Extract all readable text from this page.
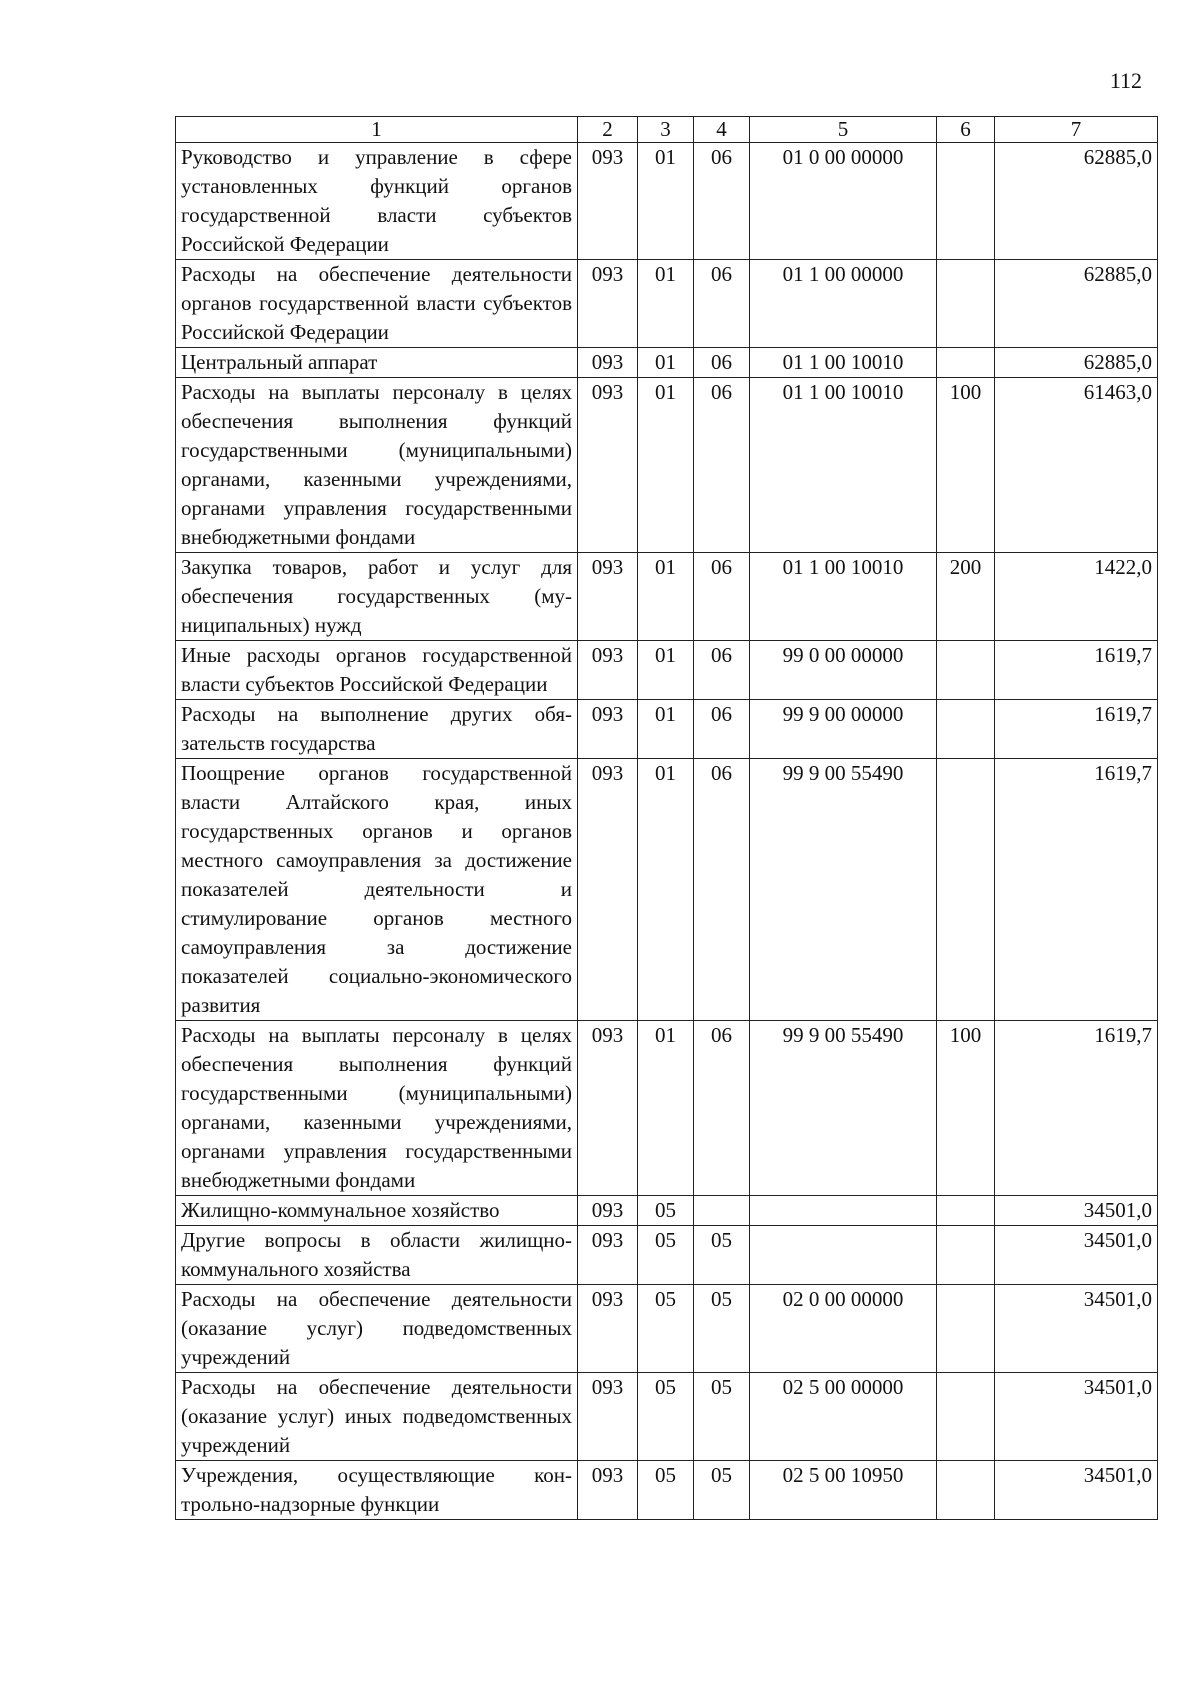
112
1	2	3	4	5	6	7
Руководство и управление в сфере установленных функций органов государственной власти субъектов Российской Федерации	093	01	06	01 0 00 00000		62885,0
Расходы на обеспечение деятельности органов государственной власти субъектов Российской Федерации	093	01	06	01 1 00 00000		62885,0
Центральный аппарат	093	01	06	01 1 00 10010		62885,0
Расходы на выплаты персоналу в целях обеспечения выполнения функций государственными (муниципальными) органами, казенными учреждениями, органами управления государственными внебюджетными фондами	093	01	06	01 1 00 10010	100	61463,0
Закупка товаров, работ и услуг для обеспечения государственных (муниципальных) нужд	093	01	06	01 1 00 10010	200	1422,0
Иные расходы органов государственной власти субъектов Российской Федерации	093	01	06	99 0 00 00000		1619,7
Расходы на выполнение других обязательств государства	093	01	06	99 9 00 00000		1619,7
Поощрение органов государственной власти Алтайского края, иных государственных органов и органов местного самоуправления за достижение показателей деятельности и стимулирование органов местного самоуправления за достижение показателей социально-экономического развития	093	01	06	99 9 00 55490		1619,7
Расходы на выплаты персоналу в целях обеспечения выполнения функций государственными (муниципальными) органами, казенными учреждениями, органами управления государственными внебюджетными фондами	093	01	06	99 9 00 55490	100	1619,7
Жилищно-коммунальное хозяйство	093	05				34501,0
Другие вопросы в области жилищно-коммунального хозяйства	093	05	05			34501,0
Расходы на обеспечение деятельности (оказание услуг) подведомственных учреждений	093	05	05	02 0 00 00000		34501,0
Расходы на обеспечение деятельности (оказание услуг) иных подведомственных учреждений	093	05	05	02 5 00 00000		34501,0
Учреждения, осуществляющие контрольно-надзорные функции	093	05	05	02 5 00 10950		34501,0
